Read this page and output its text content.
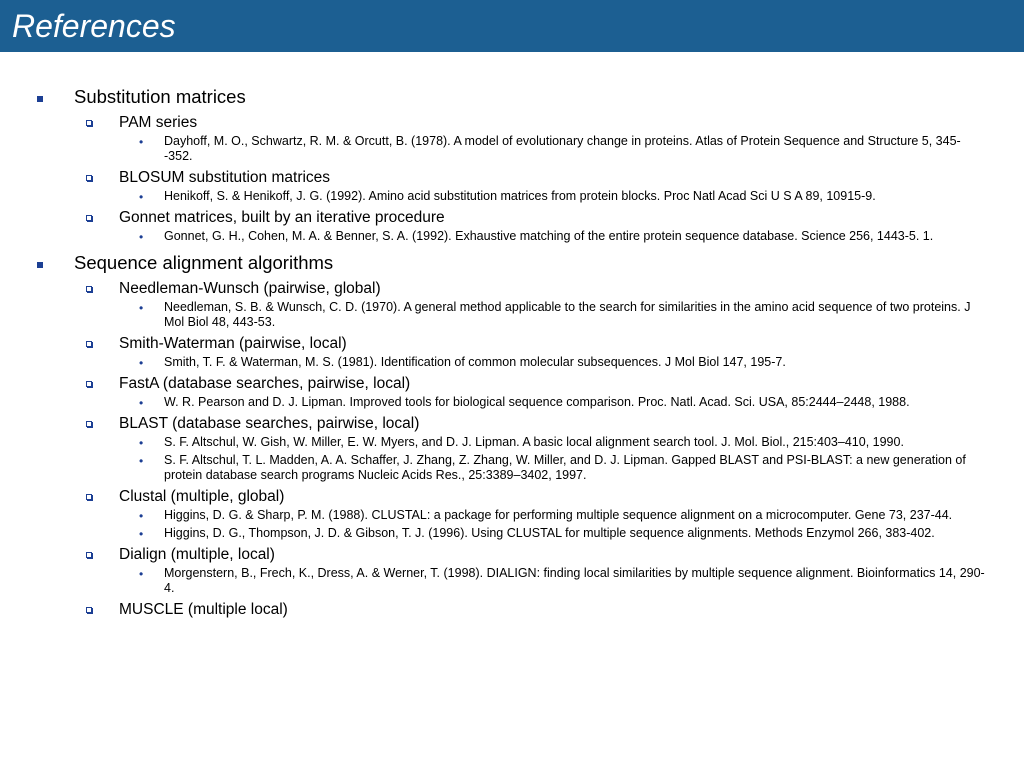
References
Substitution matrices
PAM series
• Dayhoff, M. O., Schwartz, R. M. & Orcutt, B. (1978). A model of evolutionary change in proteins. Atlas of Protein Sequence and Structure 5, 345--352.
BLOSUM substitution matrices
• Henikoff, S. & Henikoff, J. G. (1992). Amino acid substitution matrices from protein blocks. Proc Natl Acad Sci U S A 89, 10915-9.
Gonnet matrices, built by an iterative procedure
• Gonnet, G. H., Cohen, M. A. & Benner, S. A. (1992). Exhaustive matching of the entire protein sequence database. Science 256, 1443-5. 1.
Sequence alignment algorithms
Needleman-Wunsch (pairwise, global)
• Needleman, S. B. & Wunsch, C. D. (1970). A general method applicable to the search for similarities in the amino acid sequence of two proteins. J Mol Biol 48, 443-53.
Smith-Waterman (pairwise, local)
• Smith, T. F. & Waterman, M. S. (1981). Identification of common molecular subsequences. J Mol Biol 147, 195-7.
FastA (database searches, pairwise, local)
• W. R. Pearson and D. J. Lipman. Improved tools for biological sequence comparison. Proc. Natl. Acad. Sci. USA, 85:2444–2448, 1988.
BLAST (database searches, pairwise, local)
• S. F. Altschul, W. Gish, W. Miller, E. W. Myers, and D. J. Lipman. A basic local alignment search tool. J. Mol. Biol., 215:403–410, 1990.
• S. F. Altschul, T. L. Madden, A. A. Schaffer, J. Zhang, Z. Zhang, W. Miller, and D. J. Lipman. Gapped BLAST and PSI-BLAST: a new generation of protein database search programs Nucleic Acids Res., 25:3389–3402, 1997.
Clustal (multiple, global)
• Higgins, D. G. & Sharp, P. M. (1988). CLUSTAL: a package for performing multiple sequence alignment on a microcomputer. Gene 73, 237-44.
• Higgins, D. G., Thompson, J. D. & Gibson, T. J. (1996). Using CLUSTAL for multiple sequence alignments. Methods Enzymol 266, 383-402.
Dialign (multiple, local)
• Morgenstern, B., Frech, K., Dress, A. & Werner, T. (1998). DIALIGN: finding local similarities by multiple sequence alignment. Bioinformatics 14, 290-4.
MUSCLE (multiple local)
